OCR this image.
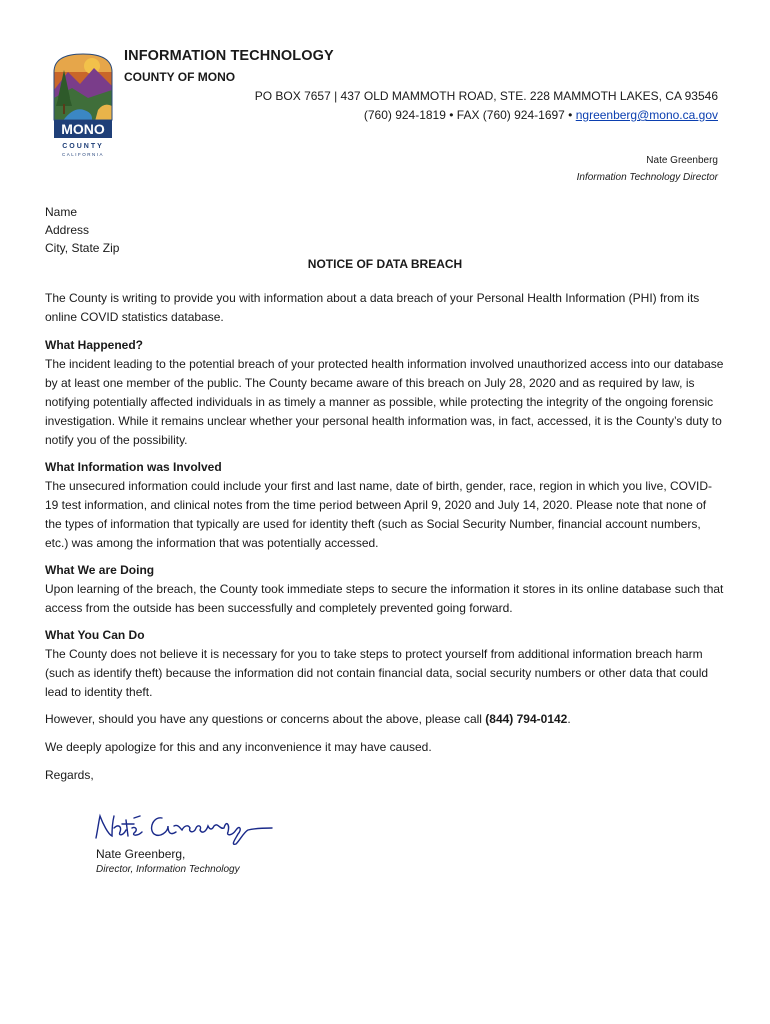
MONO
COUNTY
CALIFORNIA
INFORMATION TECHNOLOGY
COUNTY OF MONO
PO BOX 7657 | 437 OLD MAMMOTH ROAD, STE. 228 MAMMOTH LAKES, CA 93546
(760) 924-1819 • FAX (760) 924-1697 • ngreenberg@mono.ca.gov
Nate Greenberg
Information Technology Director
Name
Address
City, State Zip
NOTICE OF DATA BREACH

The County is writing to provide you with information about a data breach of your Personal Health Information (PHI) from its online COVID statistics database.

What Happened?

The incident leading to the potential breach of your protected health information involved unauthorized access into our database by at least one member of the public. The County became aware of this breach on July 28, 2020 and as required by law, is notifying potentially affected individuals in as timely a manner as possible, while protecting the integrity of the ongoing forensic investigation. While it remains unclear whether your personal health information was, in fact, accessed, it is the County’s duty to notify you of the possibility.

What Information was Involved

The unsecured information could include your first and last name, date of birth, gender, race, region in which you live, COVID-19 test information, and clinical notes from the time period between April 9, 2020 and July 14, 2020. Please note that none of the types of information that typically are used for identity theft (such as Social Security Number, financial account numbers, etc.) was among the information that was potentially accessed.

What We are Doing

Upon learning of the breach, the County took immediate steps to secure the information it stores in its online database such that access from the outside has been successfully and completely prevented going forward.

What You Can Do

The County does not believe it is necessary for you to take steps to protect yourself from additional information breach harm (such as identify theft) because the information did not contain financial data, social security numbers or other data that could lead to identity theft.

However, should you have any questions or concerns about the above, please call (844) 794-0142.

We deeply apologize for this and any inconvenience it may have caused.

Regards,

Nate Greenberg,
Director, Information Technology
